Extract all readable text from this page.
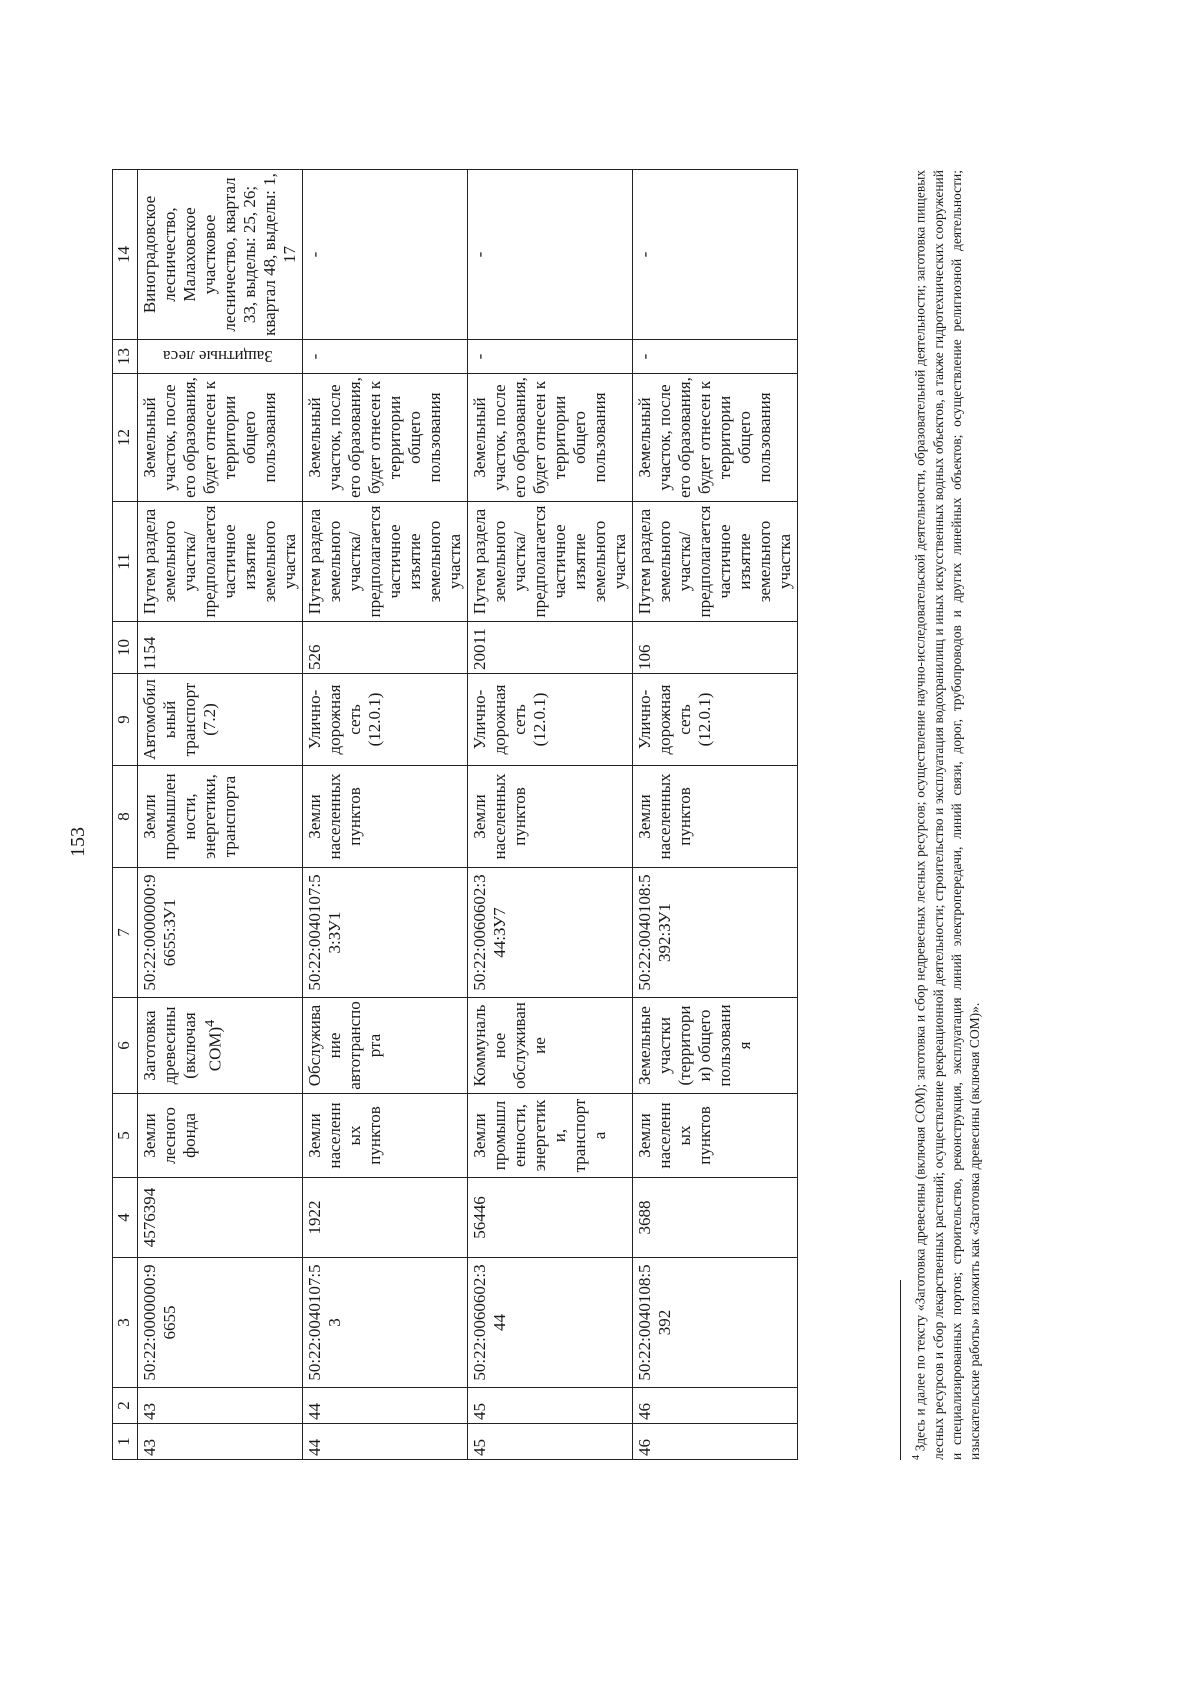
153
1	2	3	4	5	6	7	8	9	10	11	12	13	14
43	43	50:22:0000000:96655	4576394	Земли лесного фонда	Заготовка древесины (включая СОМ)$^4$	50:22:0000000:96655:ЗУ1	Земли промышленности, энергетики, транспорта	Автомобильный транспорт (7.2)	1154	Путем раздела земельного участка/ предполагается частичное изъятие земельного участка	Земельный участок, после его образования, будет отнесен к территории общего пользования	Защитные леса	Виноградовское лесничество, Малаховское участковое лесничество, квартал 33, выделы: 25, 26; квартал 48, выделы: 1, 17
44	44	50:22:0040107:53	1922	Земли населенных пунктов	Обслуживание автотранспорта	50:22:0040107:53:ЗУ1	Земли населенных пунктов	Улично-дорожная сеть (12.0.1)	526	Путем раздела земельного участка/ предполагается частичное изъятие земельного участка	Земельный участок, после его образования, будет отнесен к территории общего пользования	-	-
45	45	50:22:0060602:344	56446	Земли промышленности, энергетики, транспорта	Коммунальное обслуживание	50:22:0060602:344:ЗУ7	Земли населенных пунктов	Улично-дорожная сеть (12.0.1)	20011	Путем раздела земельного участка/ предполагается частичное изъятие земельного участка	Земельный участок, после его образования, будет отнесен к территории общего пользования	-	-
46	46	50:22:0040108:5392	3688	Земли населенных пунктов	Земельные участки (территории) общего пользования	50:22:0040108:5392:ЗУ1	Земли населенных пунктов	Улично-дорожная сеть (12.0.1)	106	Путем раздела земельного участка/ предполагается частичное изъятие земельного участка	Земельный участок, после его образования, будет отнесен к территории общего пользования	-	-
$^4$ Здесь и далее по тексту «Заготовка древесины (включая СОМ); заготовка и сбор недревесных лесных ресурсов; осуществление научно-исследовательской деятельности, образовательной деятельности; заготовка пищевых лесных ресурсов и сбор лекарственных растений; осуществление рекреационной деятельности; строительство и эксплуатация водохранилищ и иных искусственных водных объектов, а также гидротехнических сооружений и специализированных портов; строительство, реконструкция, эксплуатация линий электропередачи, линий связи, дорог, трубопроводов и других линейных объектов; осуществление религиозной деятельности; изыскательские работы» изложить как «Заготовка древесины (включая СОМ)».
